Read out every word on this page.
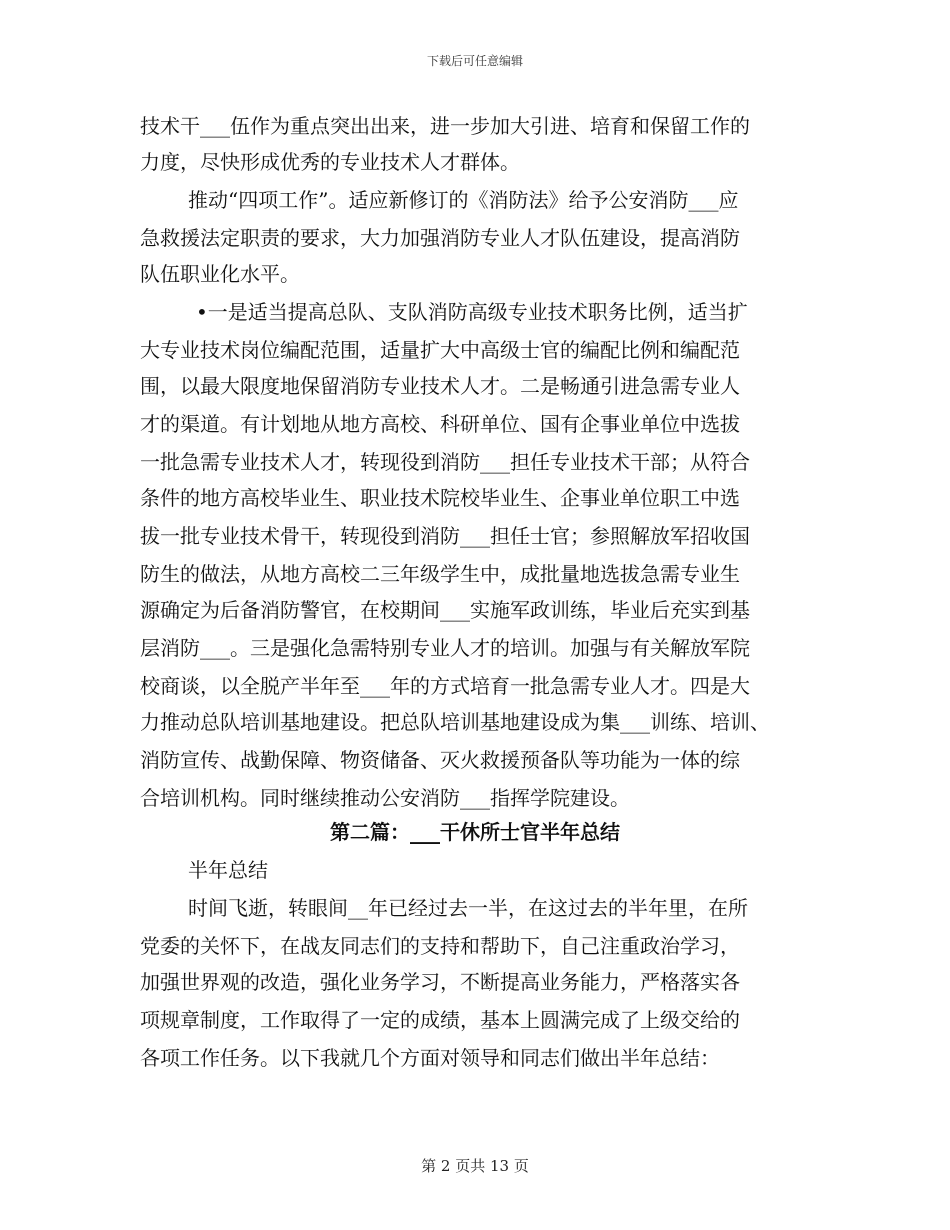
下载后可任意编辑
技术干___伍作为重点突出出来，进一步加大引进、培育和保留工作的
力度，尽快形成优秀的专业技术人才群体。
推动“四项工作”。适应新修订的《消防法》给予公安消防___应
急救援法定职责的要求，大力加强消防专业人才队伍建设，提高消防
队伍职业化水平。
•一是适当提高总队、支队消防高级专业技术职务比例，适当扩
大专业技术岗位编配范围，适量扩大中高级士官的编配比例和编配范
围，以最大限度地保留消防专业技术人才。二是畅通引进急需专业人
才的渠道。有计划地从地方高校、科研单位、国有企事业单位中选拔
一批急需专业技术人才，转现役到消防___担任专业技术干部；从符合
条件的地方高校毕业生、职业技术院校毕业生、企事业单位职工中选
拔一批专业技术骨干，转现役到消防___担任士官；参照解放军招收国
防生的做法，从地方高校二三年级学生中，成批量地选拔急需专业生
源确定为后备消防警官，在校期间___实施军政训练，毕业后充实到基
层消防___。三是强化急需特别专业人才的培训。加强与有关解放军院
校商谈，以全脱产半年至___年的方式培育一批急需专业人才。四是大
力推动总队培训基地建设。把总队培训基地建设成为集___训练、培训、
消防宣传、战勤保障、物资储备、灭火救援预备队等功能为一体的综
合培训机构。同时继续推动公安消防___指挥学院建设。
第二篇：___干休所士官半年总结
半年总结
时间飞逝，转眼间__年已经过去一半，在这过去的半年里，在所
党委的关怀下，在战友同志们的支持和帮助下，自己注重政治学习，
加强世界观的改造，强化业务学习，不断提高业务能力，严格落实各
项规章制度，工作取得了一定的成绩，基本上圆满完成了上级交给的
各项工作任务。以下我就几个方面对领导和同志们做出半年总结：
第 2 页共 13 页
